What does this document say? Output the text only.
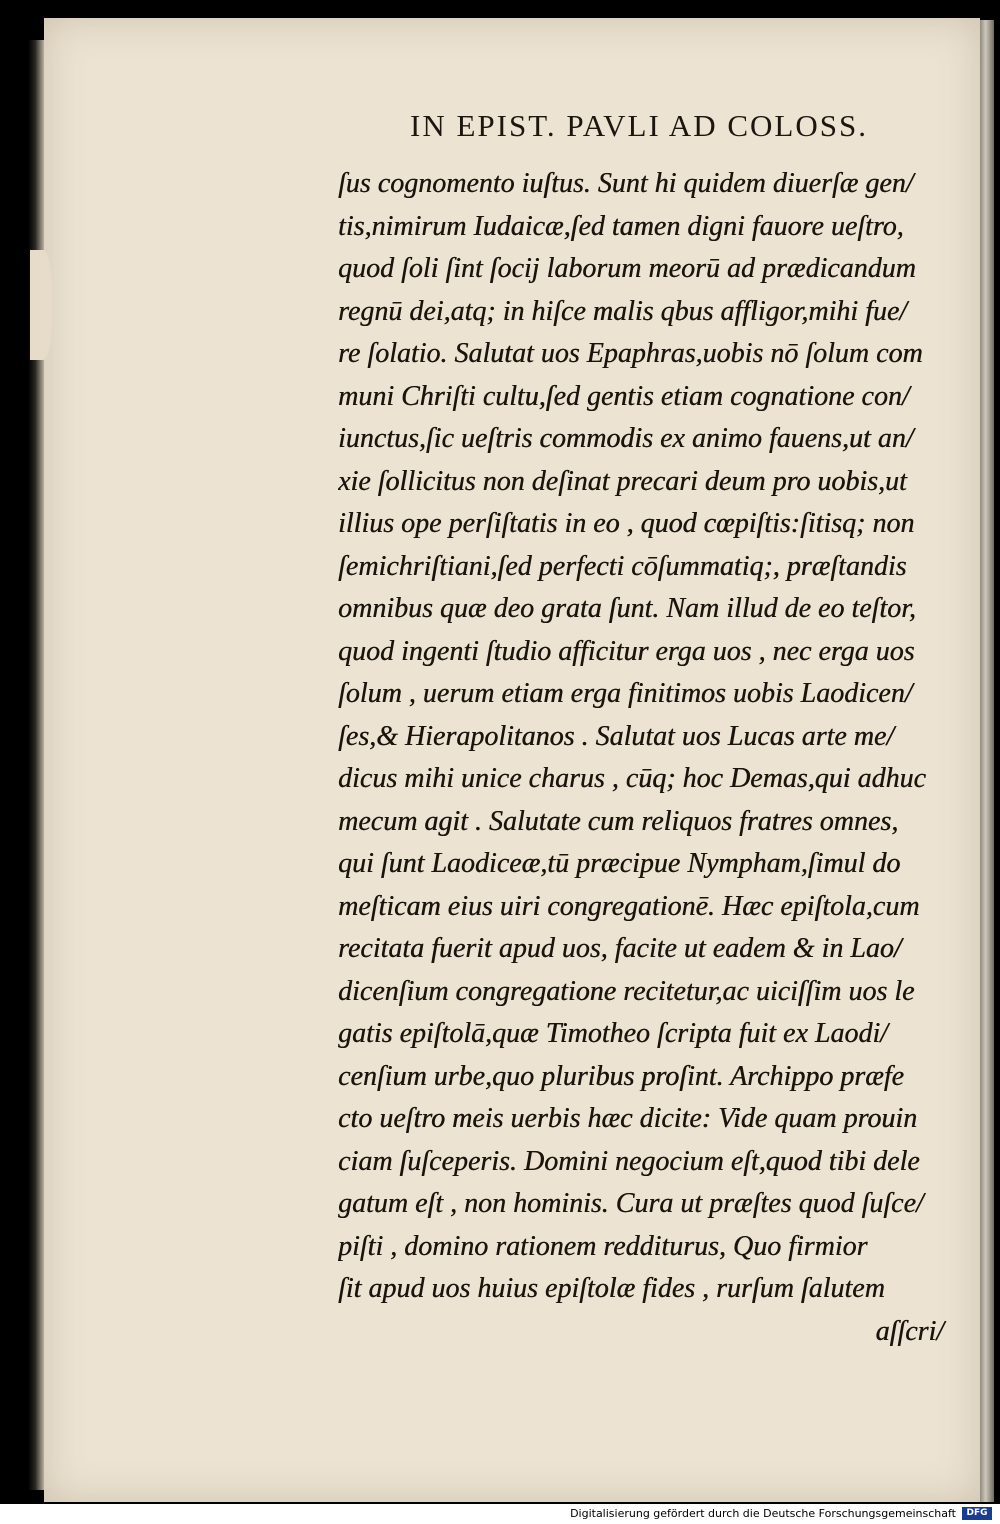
IN EPIST. PAVLI AD COLOSS.
ſus cognomento iuſtus. Sunt hi quidem diuerſæ gen/
tis,nimirum Iudaicæ,ſed tamen digni fauore ueſtro,
quod ſoli ſint ſocij laborum meorū ad prædicandum
regnū dei,atq; in hiſce malis qbus affligor,mihi fue/
re ſolatio. Salutat uos Epaphras,uobis nō ſolum com
muni Chriſti cultu,ſed gentis etiam cognatione con/
iunctus,ſic ueſtris commodis ex animo fauens,ut an/
xie ſollicitus non deſinat precari deum pro uobis,ut
illius ope perſiſtatis in eo , quod cœpiſtis:ſitisq; non
ſemichriſtiani,ſed perfecti cōſummatiq;, præſtandis
omnibus quæ deo grata ſunt. Nam illud de eo teſtor,
quod ingenti ſtudio afficitur erga uos , nec erga uos
ſolum , uerum etiam erga finitimos uobis Laodicen/
ſes,& Hierapolitanos . Salutat uos Lucas arte me/
dicus mihi unice charus , cūq; hoc Demas,qui adhuc
mecum agit . Salutate cum reliquos fratres omnes,
qui ſunt Laodiceæ,tū præcipue Nympham,ſimul do
meſticam eius uiri congregationē. Hæc epiſtola,cum
recitata fuerit apud uos, facite ut eadem & in Lao/
dicenſium congregatione recitetur,ac uiciſſim uos le
gatis epiſtolā,quæ Timotheo ſcripta fuit ex Laodi/
cenſium urbe,quo pluribus proſint. Archippo præfe
cto ueſtro meis uerbis hæc dicite: Vide quam prouin
ciam ſuſceperis. Domini negocium eſt,quod tibi dele
gatum eſt , non hominis. Cura ut præſtes quod ſuſce/
piſti , domino rationem redditurus, Quo firmior
ſit apud uos huius epiſtolæ fides , rurſum ſalutem
aſſcri/
Digitalisierung gefördert durch die Deutsche Forschungsgemeinschaft	DFG
